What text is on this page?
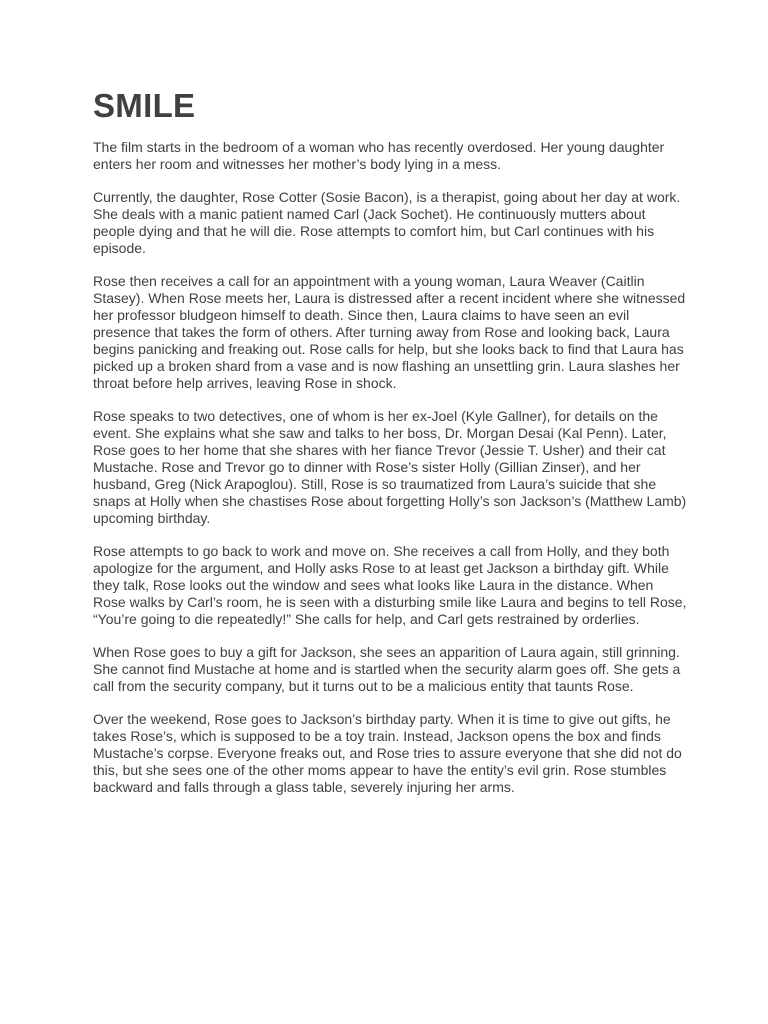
SMILE

The film starts in the bedroom of a woman who has recently overdosed. Her young daughter enters her room and witnesses her mother’s body lying in a mess.

Currently, the daughter, Rose Cotter (Sosie Bacon), is a therapist, going about her day at work. She deals with a manic patient named Carl (Jack Sochet). He continuously mutters about people dying and that he will die. Rose attempts to comfort him, but Carl continues with his episode.

Rose then receives a call for an appointment with a young woman, Laura Weaver (Caitlin Stasey). When Rose meets her, Laura is distressed after a recent incident where she witnessed her professor bludgeon himself to death. Since then, Laura claims to have seen an evil presence that takes the form of others. After turning away from Rose and looking back, Laura begins panicking and freaking out. Rose calls for help, but she looks back to find that Laura has picked up a broken shard from a vase and is now flashing an unsettling grin. Laura slashes her throat before help arrives, leaving Rose in shock.

Rose speaks to two detectives, one of whom is her ex-Joel (Kyle Gallner), for details on the event. She explains what she saw and talks to her boss, Dr. Morgan Desai (Kal Penn). Later, Rose goes to her home that she shares with her fiance Trevor (Jessie T. Usher) and their cat Mustache. Rose and Trevor go to dinner with Rose’s sister Holly (Gillian Zinser), and her husband, Greg (Nick Arapoglou). Still, Rose is so traumatized from Laura’s suicide that she snaps at Holly when she chastises Rose about forgetting Holly’s son Jackson’s (Matthew Lamb) upcoming birthday.

Rose attempts to go back to work and move on. She receives a call from Holly, and they both apologize for the argument, and Holly asks Rose to at least get Jackson a birthday gift. While they talk, Rose looks out the window and sees what looks like Laura in the distance. When Rose walks by Carl’s room, he is seen with a disturbing smile like Laura and begins to tell Rose, “You’re going to die repeatedly!” She calls for help, and Carl gets restrained by orderlies.

When Rose goes to buy a gift for Jackson, she sees an apparition of Laura again, still grinning. She cannot find Mustache at home and is startled when the security alarm goes off. She gets a call from the security company, but it turns out to be a malicious entity that taunts Rose.

Over the weekend, Rose goes to Jackson’s birthday party. When it is time to give out gifts, he takes Rose’s, which is supposed to be a toy train. Instead, Jackson opens the box and finds Mustache’s corpse. Everyone freaks out, and Rose tries to assure everyone that she did not do this, but she sees one of the other moms appear to have the entity’s evil grin. Rose stumbles backward and falls through a glass table, severely injuring her arms.
